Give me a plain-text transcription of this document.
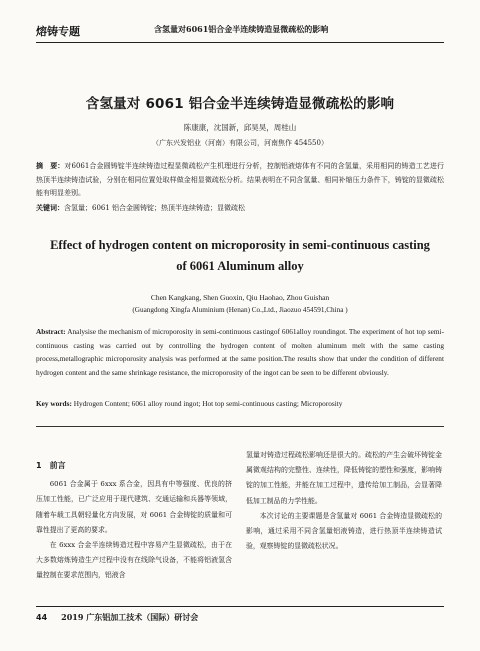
熔铸专题	含氢量对6061铝合金半连续铸造显微疏松的影响
含氢量对 6061 铝合金半连续铸造显微疏松的影响
陈康康，沈国新，邱昊昊，周桂山
（广东兴发铝业（河南）有限公司，河南焦作 454550）
摘　要：对6061合金圆铸锭半连续铸造过程显微疏松产生机理进行分析，控制铝液熔体有不同的含氢量，采用相同的铸造工艺进行热顶半连续铸造试验，分别在相同位置处取样做金相显微疏松分析。结果表明在不同含氢量、相同补缩压力条件下，铸锭的显微疏松能有明显差别。
关键词：含氢量；6061 铝合金圆铸锭；热顶半连续铸造；显微疏松
Effect of hydrogen content on microporosity in semi-continuous casting
of 6061 Aluminum alloy
Chen Kangkang, Shen Guoxin, Qiu Haohao, Zhou Guishan
(Guangdong Xingfa Aluminium (Henan) Co.,Ltd., Jiaozuo 454591,China )
Abstract: Analysise the mechanism of microporosity in semi-continuous castingof 6061alloy roundingot. The experiment of hot top semi-continuous casting was carried out by controlling the hydrogen content of molten aluminum melt with the same casting process,metallographic microporosity analysis was performed at the same position.The results show that under the condition of different hydrogen content and the same shrinkage resistance, the microporosity of the ingot can be seen to be different obviously.
Key words: Hydrogen Content; 6061 alloy round ingot; Hot top semi-continuous casting; Microporosity
1　前言

6061 合金属于 6xxx 系合金，因具有中等强度、优良的挤压加工性能，已广泛应用于现代建筑、交通运输和兵器等领域，随着车载工具朝轻量化方向发展，对 6061 合金铸锭的质量和可靠性提出了更高的要求。

在 6xxx 合金半连续铸造过程中容易产生显微疏松，由于在大多数熔炼铸造生产过程中没有在线除气设备，不能将铝液氢含量控制在要求范围内，铝液含

氢量对铸造过程疏松影响还是很大的。疏松的产生会破坏铸锭金属微观结构的完整性、连续性，降低铸锭的塑性和强度，影响铸锭的加工性能，并能在加工过程中，遗传给加工制品，会显著降低加工制品的力学性能。

本次讨论的主要课题是含氢量对 6061 合金铸造显微疏松的影响，通过采用不同含氢量铝液铸造，进行热顶半连续铸造试验，观察铸锭的显微疏松状况。

44 2019 广东铝加工技术（国际）研讨会
